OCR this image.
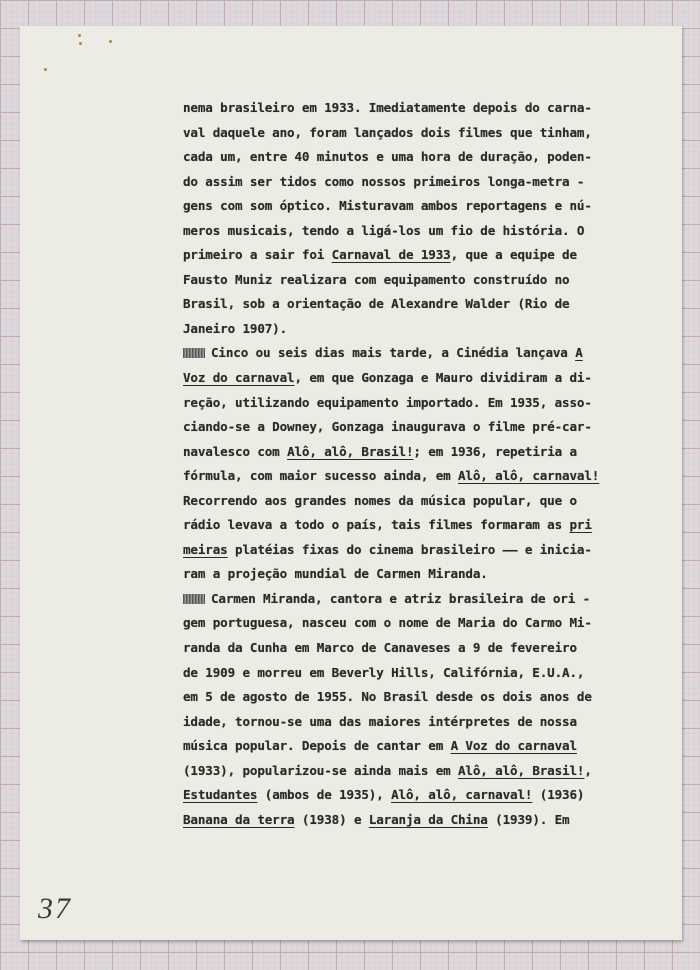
nema brasileiro em 1933. Imediatamente depois do carna-
val daquele ano, foram lançados dois filmes que tinham,
cada um, entre 40 minutos e uma hora de duração, poden-
do assim ser tidos como nossos primeiros longa-metra -
gens com som óptico. Misturavam ambos reportagens e nú-
meros musicais, tendo a ligá-los um fio de história. O
primeiro a sair foi Carnaval de 1933, que a equipe de
Fausto Muniz realizara com equipamento construído no
Brasil, sob a orientação de Alexandre Walder (Rio de
Janeiro 1907).
Cinco ou seis dias mais tarde, a Cinédia lançava A
Voz do carnaval, em que Gonzaga e Mauro dividiram a di-
reção, utilizando equipamento importado. Em 1935, asso-
ciando-se a Downey, Gonzaga inaugurava o filme pré-car-
navalesco com Alô, alô, Brasil!; em 1936, repetiria a
fórmula, com maior sucesso ainda, em Alô, alô, carnaval!
Recorrendo aos grandes nomes da música popular, que o
rádio levava a todo o país, tais filmes formaram as pri
meiras platéias fixas do cinema brasileiro —— e inicia-
ram a projeção mundial de Carmen Miranda.
Carmen Miranda, cantora e atriz brasileira de ori -
gem portuguesa, nasceu com o nome de Maria do Carmo Mi-
randa da Cunha em Marco de Canaveses a 9 de fevereiro
de 1909 e morreu em Beverly Hills, Califórnia, E.U.A.,
em 5 de agosto de 1955. No Brasil desde os dois anos de
idade, tornou-se uma das maiores intérpretes de nossa
música popular. Depois de cantar em A Voz do carnaval
(1933), popularizou-se ainda mais em Alô, alô, Brasil!,
Estudantes (ambos de 1935), Alô, alô, carnaval! (1936)
Banana da terra (1938) e Laranja da China (1939). Em
37
